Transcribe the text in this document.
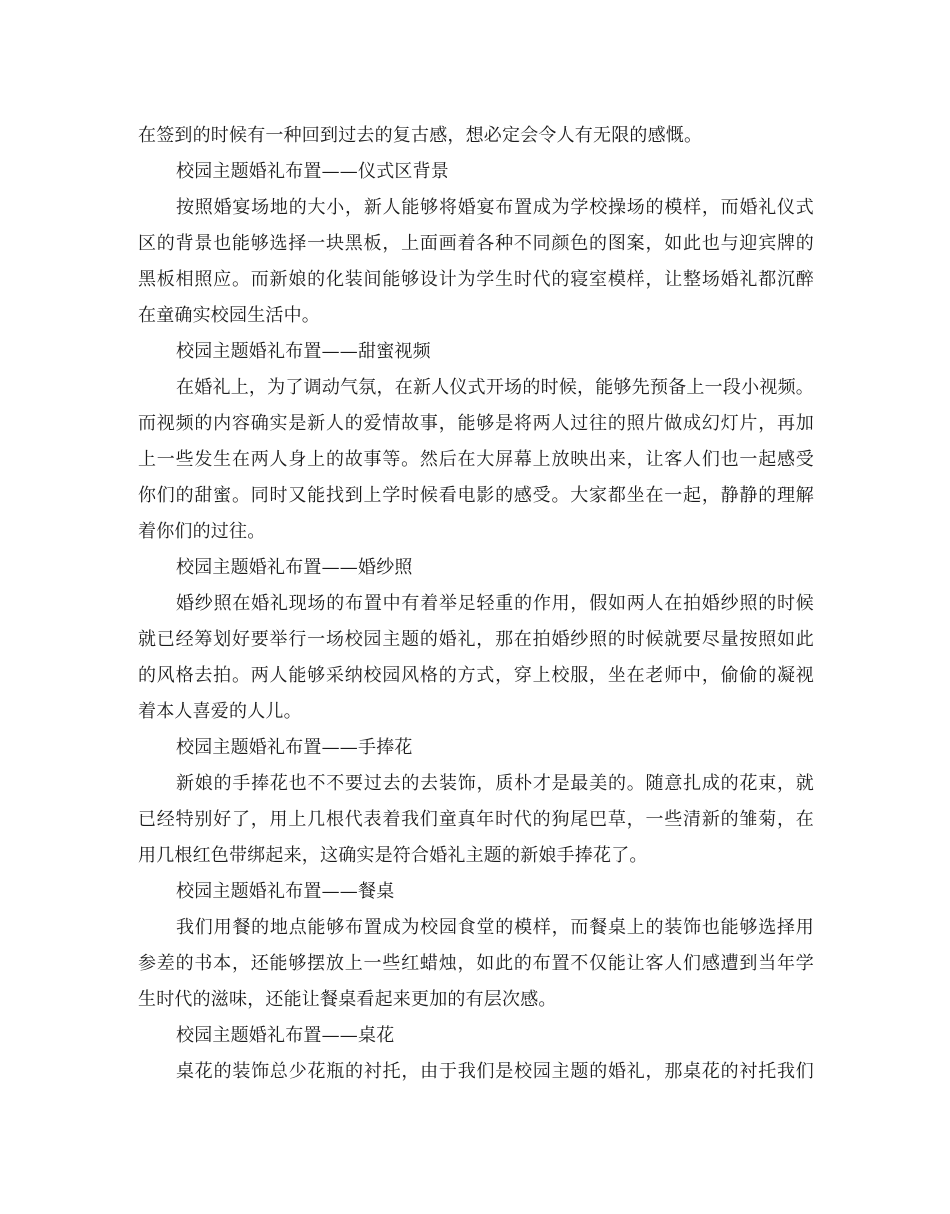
在签到的时候有一种回到过去的复古感，想必定会令人有无限的感慨。
校园主题婚礼布置——仪式区背景
按照婚宴场地的大小，新人能够将婚宴布置成为学校操场的模样，而婚礼仪式
区的背景也能够选择一块黑板，上面画着各种不同颜色的图案，如此也与迎宾牌的
黑板相照应。而新娘的化装间能够设计为学生时代的寝室模样，让整场婚礼都沉醉
在童确实校园生活中。
校园主题婚礼布置——甜蜜视频
在婚礼上，为了调动气氛，在新人仪式开场的时候，能够先预备上一段小视频。
而视频的内容确实是新人的爱情故事，能够是将两人过往的照片做成幻灯片，再加
上一些发生在两人身上的故事等。然后在大屏幕上放映出来，让客人们也一起感受
你们的甜蜜。同时又能找到上学时候看电影的感受。大家都坐在一起，静静的理解
着你们的过往。
校园主题婚礼布置——婚纱照
婚纱照在婚礼现场的布置中有着举足轻重的作用，假如两人在拍婚纱照的时候
就已经筹划好要举行一场校园主题的婚礼，那在拍婚纱照的时候就要尽量按照如此
的风格去拍。两人能够采纳校园风格的方式，穿上校服，坐在老师中，偷偷的凝视
着本人喜爱的人儿。
校园主题婚礼布置——手捧花
新娘的手捧花也不不要过去的去装饰，质朴才是最美的。随意扎成的花束，就
已经特别好了，用上几根代表着我们童真年时代的狗尾巴草，一些清新的雏菊，在
用几根红色带绑起来，这确实是符合婚礼主题的新娘手捧花了。
校园主题婚礼布置——餐桌
我们用餐的地点能够布置成为校园食堂的模样，而餐桌上的装饰也能够选择用
参差的书本，还能够摆放上一些红蜡烛，如此的布置不仅能让客人们感遭到当年学
生时代的滋味，还能让餐桌看起来更加的有层次感。
校园主题婚礼布置——桌花
桌花的装饰总少花瓶的衬托，由于我们是校园主题的婚礼，那桌花的衬托我们
